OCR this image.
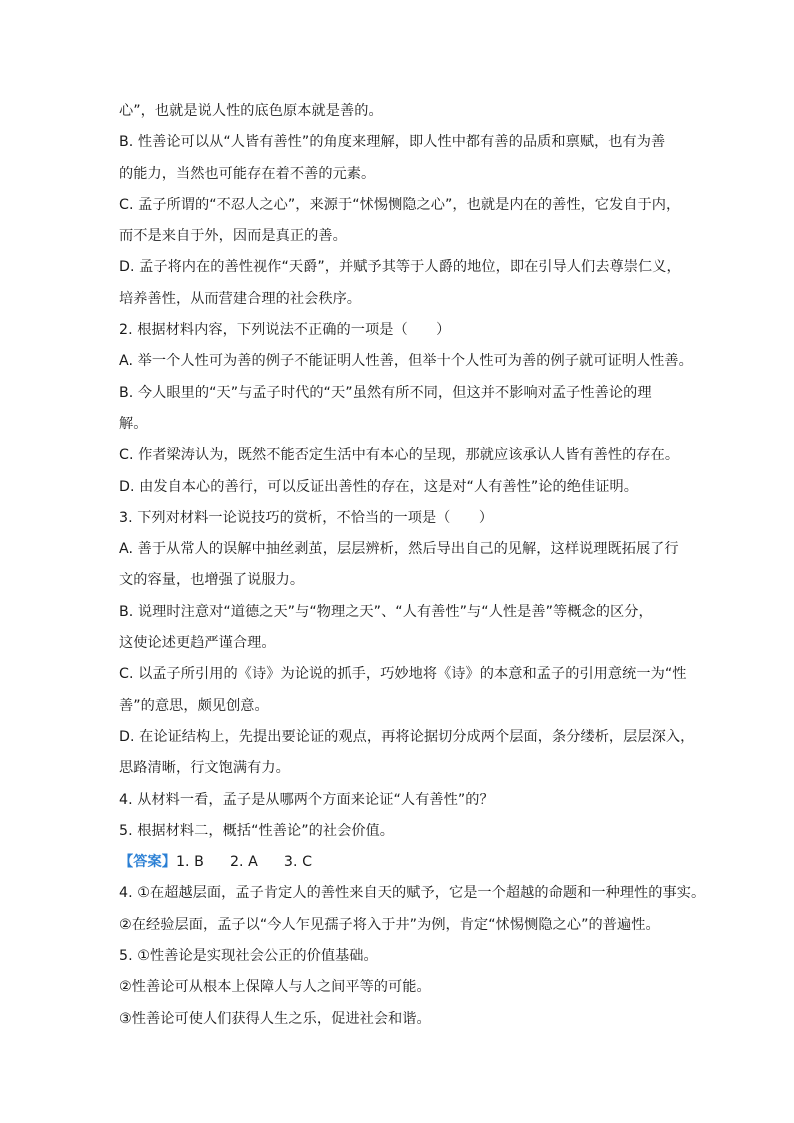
心”，也就是说人性的底色原本就是善的。
B. 性善论可以从“人皆有善性”的角度来理解，即人性中都有善的品质和禀赋，也有为善
的能力，当然也可能存在着不善的元素。
C. 孟子所谓的“不忍人之心”，来源于“怵惕恻隐之心”，也就是内在的善性，它发自于内，
而不是来自于外，因而是真正的善。
D. 孟子将内在的善性视作“天爵”，并赋予其等于人爵的地位，即在引导人们去尊崇仁义，
培养善性，从而营建合理的社会秩序。
2. 根据材料内容，下列说法不正确的一项是（　　）
A. 举一个人性可为善的例子不能证明人性善，但举十个人性可为善的例子就可证明人性善。
B. 今人眼里的“天”与孟子时代的“天”虽然有所不同，但这并不影响对孟子性善论的理
解。
C. 作者梁涛认为，既然不能否定生活中有本心的呈现，那就应该承认人皆有善性的存在。
D. 由发自本心的善行，可以反证出善性的存在，这是对“人有善性”论的绝佳证明。
3. 下列对材料一论说技巧的赏析，不恰当的一项是（　　）
A. 善于从常人的误解中抽丝剥茧，层层辨析，然后导出自己的见解，这样说理既拓展了行
文的容量，也增强了说服力。
B. 说理时注意对“道德之天”与“物理之天”、“人有善性”与“人性是善”等概念的区分，
这使论述更趋严谨合理。
C. 以孟子所引用的《诗》为论说的抓手，巧妙地将《诗》的本意和孟子的引用意统一为“性
善”的意思，颇见创意。
D. 在论证结构上，先提出要论证的观点，再将论据切分成两个层面，条分缕析，层层深入，
思路清晰，行文饱满有力。
4. 从材料一看，孟子是从哪两个方面来论证“人有善性”的？
5. 根据材料二，概括“性善论”的社会价值。
【答案】1. B 2. A 3. C
4. ①在超越层面，孟子肯定人的善性来自天的赋予，它是一个超越的命题和一种理性的事实。
②在经验层面，孟子以“今人乍见孺子将入于井”为例，肯定“怵惕恻隐之心”的普遍性。
5. ①性善论是实现社会公正的价值基础。
②性善论可从根本上保障人与人之间平等的可能。
③性善论可使人们获得人生之乐，促进社会和谐。
